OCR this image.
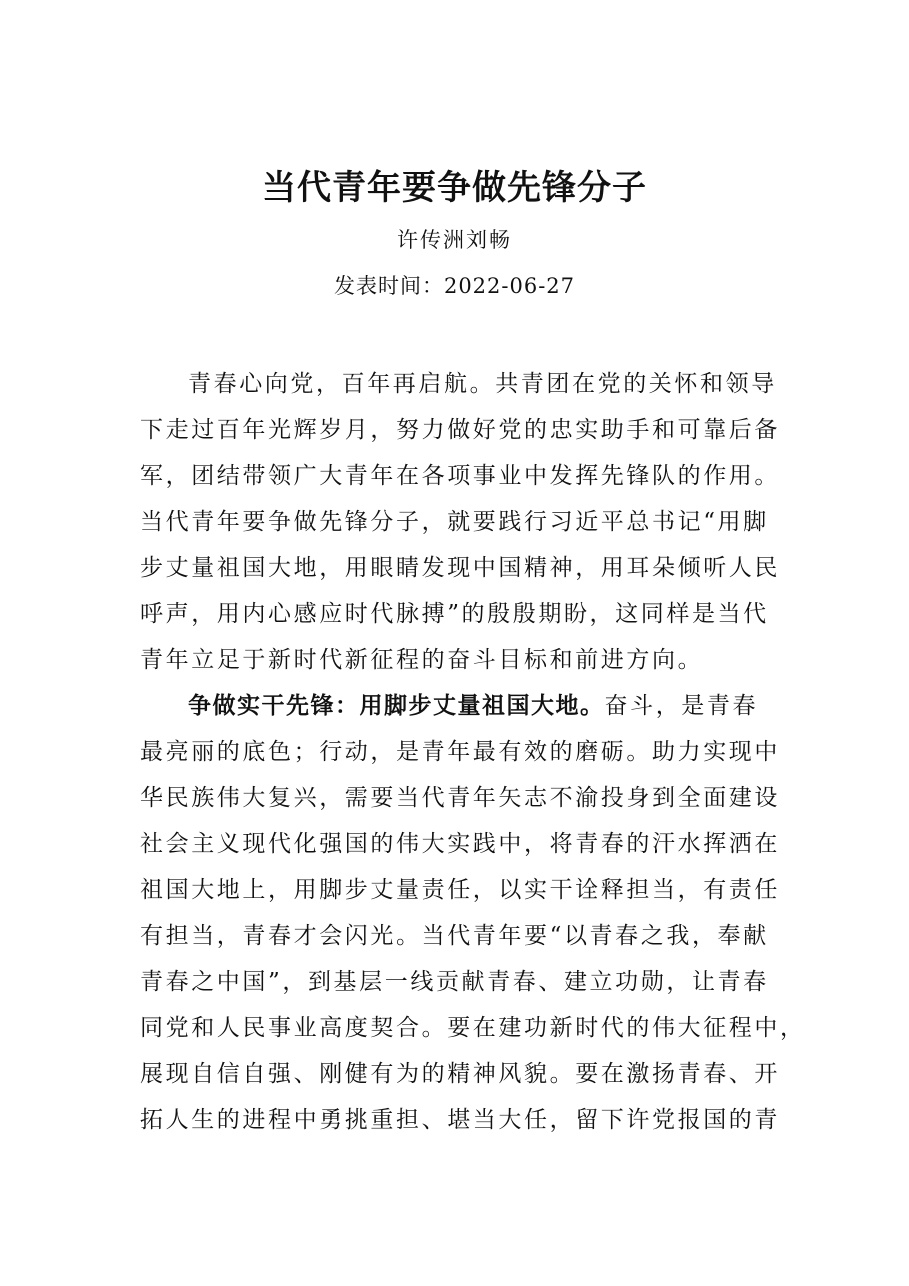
当代青年要争做先锋分子
许传洲刘畅
发表时间：2022-06-27
青春心向党，百年再启航。共青团在党的关怀和领导
下走过百年光辉岁月，努力做好党的忠实助手和可靠后备
军，团结带领广大青年在各项事业中发挥先锋队的作用。
当代青年要争做先锋分子，就要践行习近平总书记“用脚
步丈量祖国大地，用眼睛发现中国精神，用耳朵倾听人民
呼声，用内心感应时代脉搏”的殷殷期盼，这同样是当代
青年立足于新时代新征程的奋斗目标和前进方向。
争做实干先锋：用脚步丈量祖国大地。奋斗，是青春
最亮丽的底色；行动，是青年最有效的磨砺。助力实现中
华民族伟大复兴，需要当代青年矢志不渝投身到全面建设
社会主义现代化强国的伟大实践中，将青春的汗水挥洒在
祖国大地上，用脚步丈量责任，以实干诠释担当，有责任
有担当，青春才会闪光。当代青年要“以青春之我，奉献
青春之中国”，到基层一线贡献青春、建立功勋，让青春
同党和人民事业高度契合。要在建功新时代的伟大征程中，
展现自信自强、刚健有为的精神风貌。要在激扬青春、开
拓人生的进程中勇挑重担、堪当大任，留下许党报国的青
